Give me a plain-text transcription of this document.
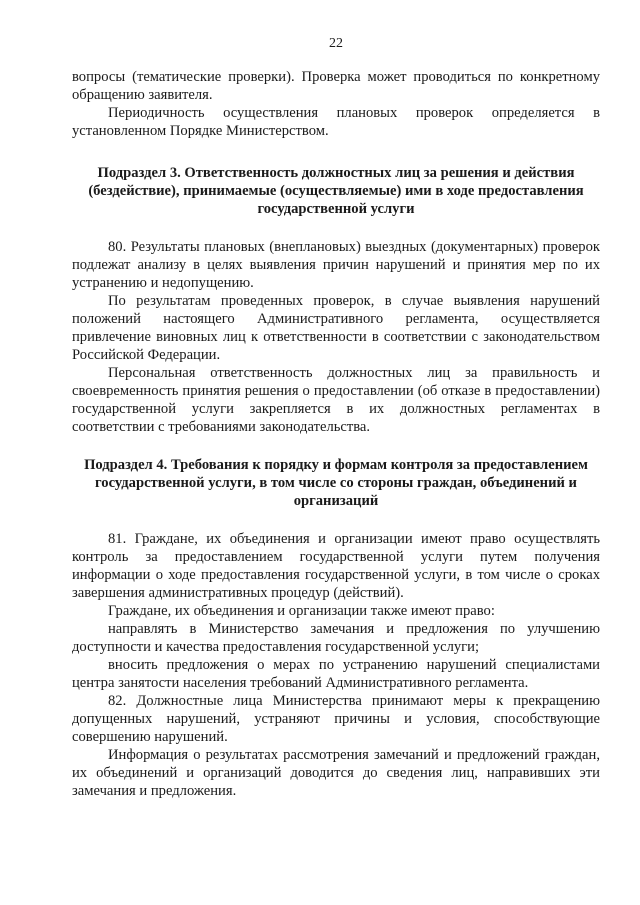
22

вопросы (тематические проверки). Проверка может проводиться по конкретному обращению заявителя.

Периодичность осуществления плановых проверок определяется в установленном Порядке Министерством.

Подраздел 3. Ответственность должностных лиц за решения и действия (бездействие), принимаемые (осуществляемые) ими в ходе предоставления государственной услуги

80. Результаты плановых (внеплановых) выездных (документарных) проверок подлежат анализу в целях выявления причин нарушений и принятия мер по их устранению и недопущению.

По результатам проведенных проверок, в случае выявления нарушений положений настоящего Административного регламента, осуществляется привлечение виновных лиц к ответственности в соответствии с законодательством Российской Федерации.

Персональная ответственность должностных лиц за правильность и своевременность принятия решения о предоставлении (об отказе в предоставлении) государственной услуги закрепляется в их должностных регламентах в соответствии с требованиями законодательства.

Подраздел 4. Требования к порядку и формам контроля за предоставлением государственной услуги, в том числе со стороны граждан, объединений и организаций

81. Граждане, их объединения и организации имеют право осуществлять контроль за предоставлением государственной услуги путем получения информации о ходе предоставления государственной услуги, в том числе о сроках завершения административных процедур (действий).

Граждане, их объединения и организации также имеют право:

направлять в Министерство замечания и предложения по улучшению доступности и качества предоставления государственной услуги;

вносить предложения о мерах по устранению нарушений специалистами центра занятости населения требований Административного регламента.

82. Должностные лица Министерства принимают меры к прекращению допущенных нарушений, устраняют причины и условия, способствующие совершению нарушений.

Информация о результатах рассмотрения замечаний и предложений граждан, их объединений и организаций доводится до сведения лиц, направивших эти замечания и предложения.
